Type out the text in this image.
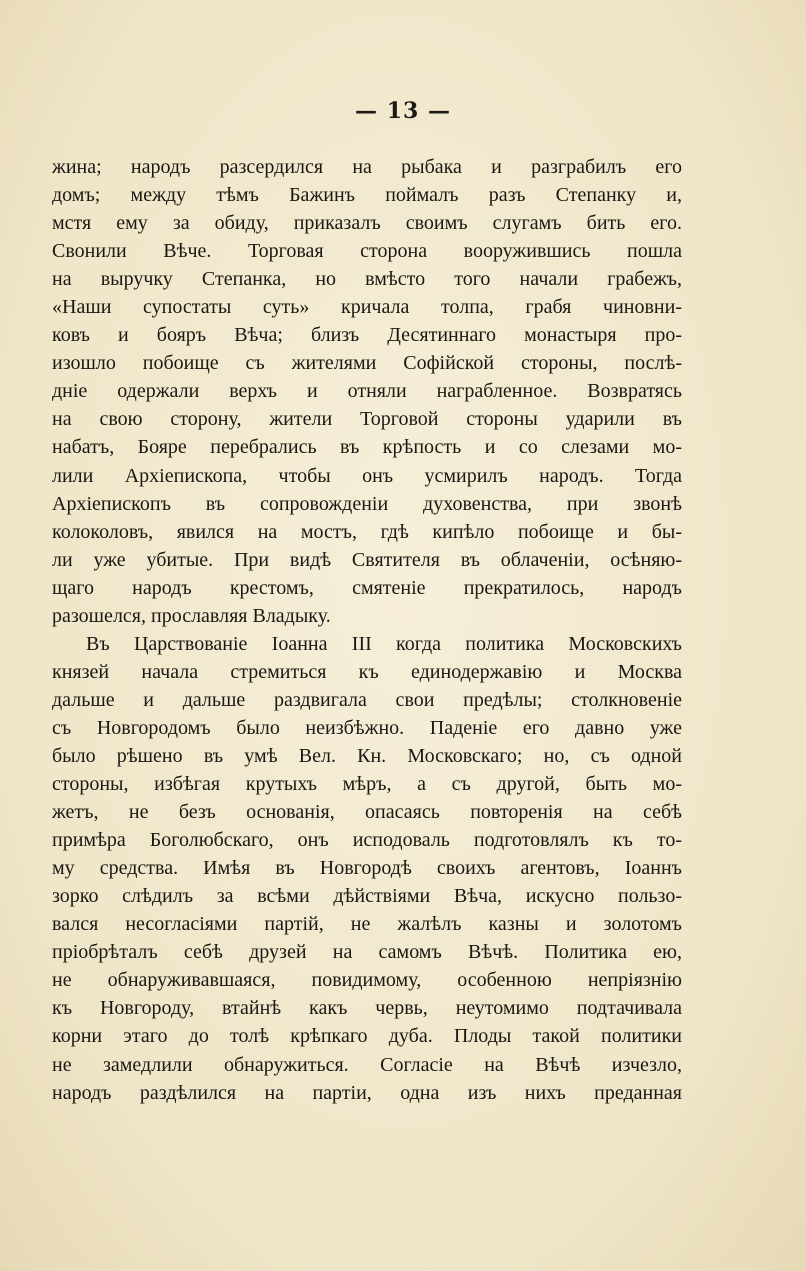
— 13 —
жина; народъ разсердился на рыбака и разграбилъ его
домъ; между тѣмъ Бажинъ поймалъ разъ Степанку и,
мстя ему за обиду, приказалъ своимъ слугамъ бить его.
Свонили Вѣче. Торговая сторона вооружившись пошла
на выручку Степанка, но вмѣсто того начали грабежъ,
«Наши супостаты суть» кричала толпа, грабя чиновни-
ковъ и бояръ Вѣча; близъ Десятиннаго монастыря про-
изошло побоище съ жителями Софійской стороны, послѣ-
дніе одержали верхъ и отняли награбленное. Возвратясь
на свою сторону, жители Торговой стороны ударили въ
набатъ, Бояре перебрались въ крѣпость и со слезами мо-
лили Архіепископа, чтобы онъ усмирилъ народъ. Тогда
Архіепископъ въ сопровожденіи духовенства, при звонѣ
колоколовъ, явился на мостъ, гдѣ кипѣло побоище и бы-
ли уже убитые. При видѣ Святителя въ облаченіи, осѣняю-
щаго народъ крестомъ, смятеніе прекратилось, народъ
разошелся, прославляя Владыку.
Въ Царствованіе Іоанна III когда политика Московскихъ
князей начала стремиться къ единодержавію и Москва
дальше и дальше раздвигала свои предѣлы; столкновеніе
съ Новгородомъ было неизбѣжно. Паденіе его давно уже
было рѣшено въ умѣ Вел. Кн. Московскаго; но, съ одной
стороны, избѣгая крутыхъ мѣръ, а съ другой, быть мо-
жетъ, не безъ основанія, опасаясь повторенія на себѣ
примѣра Боголюбскаго, онъ исподоваль подготовлялъ къ то-
му средства. Имѣя въ Новгородѣ своихъ агентовъ, Іоаннъ
зорко слѣдилъ за всѣми дѣйствіями Вѣча, искусно пользо-
вался несогласіями партій, не жалѣлъ казны и золотомъ
пріобрѣталъ себѣ друзей на самомъ Вѣчѣ. Политика ею,
не обнаруживавшаяся, повидимому, особенною непріязнію
къ Новгороду, втайнѣ какъ червь, неутомимо подтачивала
корни этаго до толѣ крѣпкаго дуба. Плоды такой политики
не замедлили обнаружиться. Согласіе на Вѣчѣ изчезло,
народъ раздѣлился на партіи, одна изъ нихъ преданная
